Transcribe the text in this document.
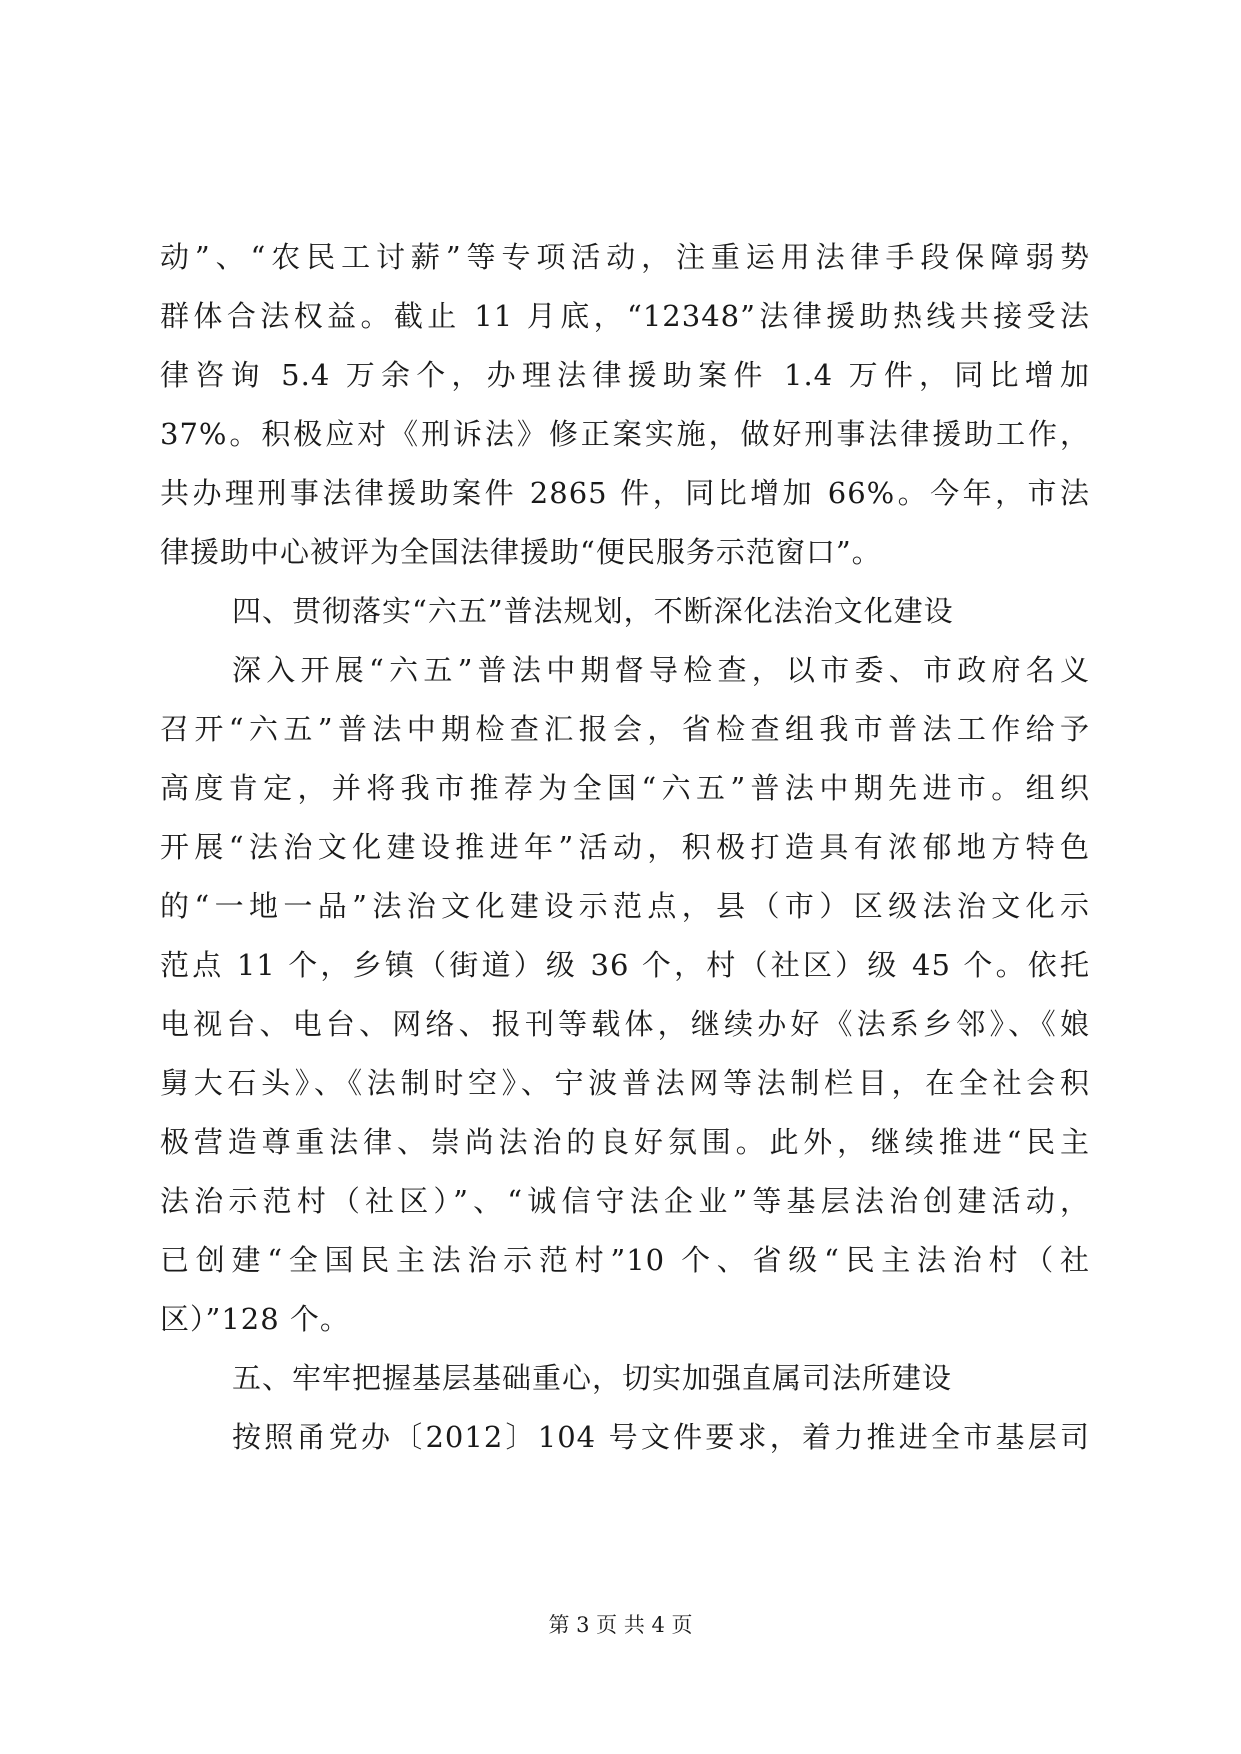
动”、“农民工讨薪”等专项活动，注重运用法律手段保障弱势
群体合法权益。截止 11 月底，“12348”法律援助热线共接受法
律咨询 5.4 万余个，办理法律援助案件 1.4 万件，同比增加
37%。积极应对《刑诉法》修正案实施，做好刑事法律援助工作，
共办理刑事法律援助案件 2865 件，同比增加 66%。今年，市法
律援助中心被评为全国法律援助“便民服务示范窗口”。
四、贯彻落实“六五”普法规划，不断深化法治文化建设
深入开展“六五”普法中期督导检查，以市委、市政府名义
召开“六五”普法中期检查汇报会，省检查组我市普法工作给予
高度肯定，并将我市推荐为全国“六五”普法中期先进市。组织
开展“法治文化建设推进年”活动，积极打造具有浓郁地方特色
的“一地一品”法治文化建设示范点，县（市）区级法治文化示
范点 11 个，乡镇（街道）级 36 个，村（社区）级 45 个。依托
电视台、电台、网络、报刊等载体，继续办好《法系乡邻》、《娘
舅大石头》、《法制时空》、宁波普法网等法制栏目，在全社会积
极营造尊重法律、崇尚法治的良好氛围。此外，继续推进“民主
法治示范村（社区）”、“诚信守法企业”等基层法治创建活动，
已创建“全国民主法治示范村”10 个、省级“民主法治村（社
区）”128 个。
五、牢牢把握基层基础重心，切实加强直属司法所建设
按照甬党办〔2012〕104 号文件要求，着力推进全市基层司
第 3 页 共 4 页
